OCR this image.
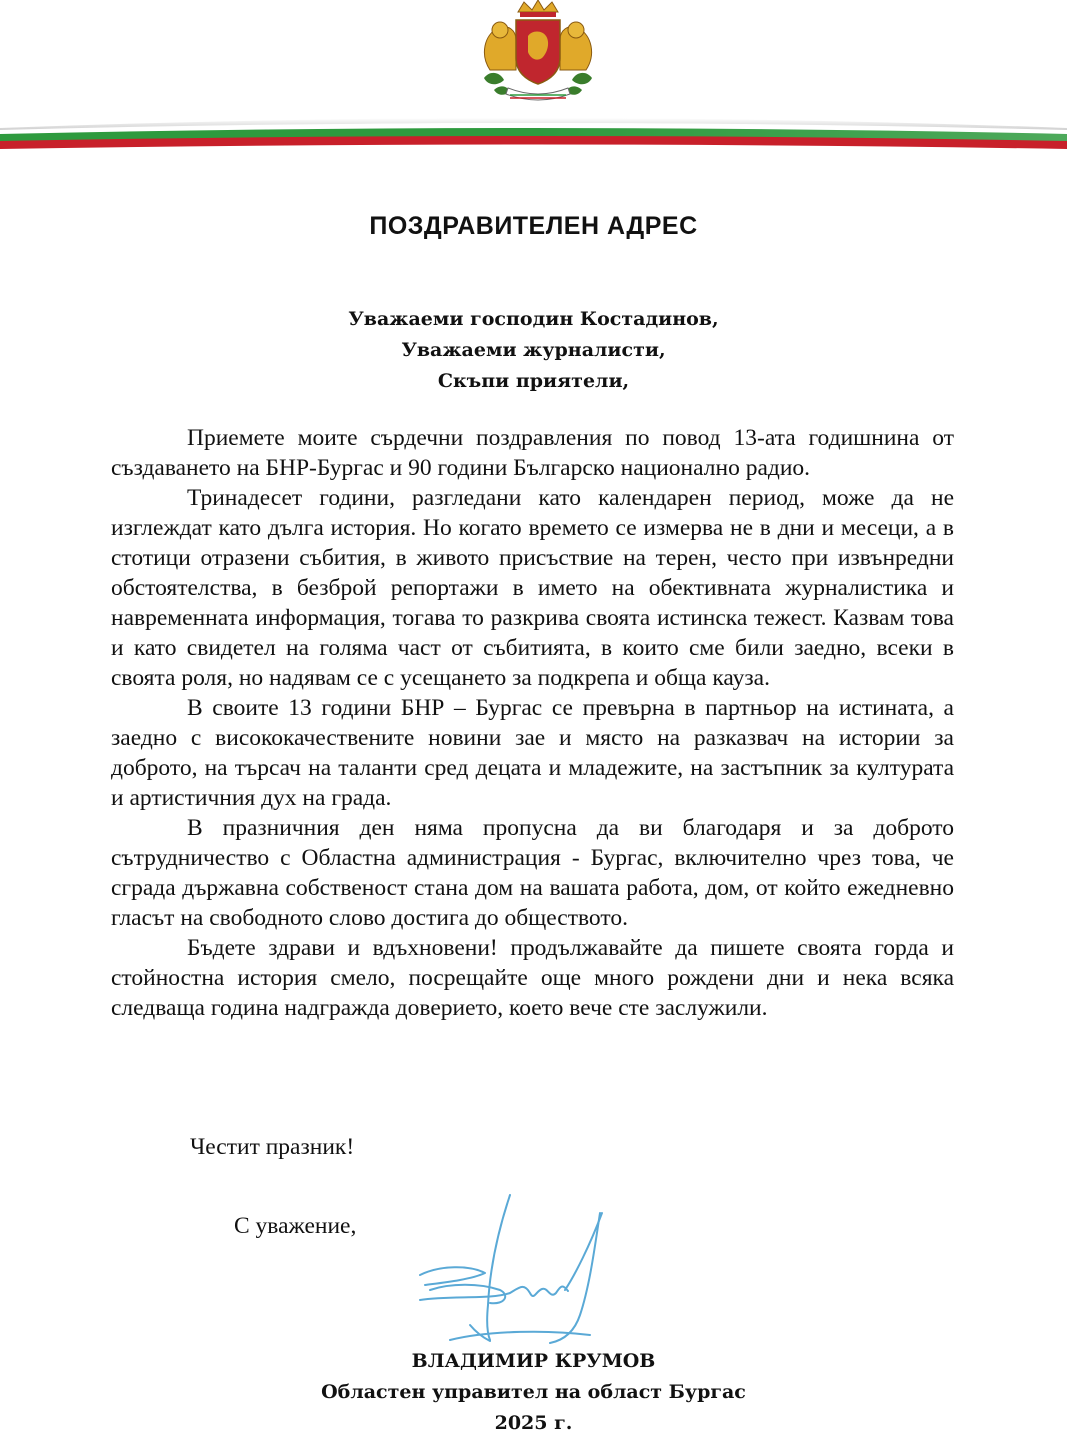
ПОЗДРАВИТЕЛЕН АДРЕС
Уважаеми господин Костадинов,
Уважаеми журналисти,
Скъпи приятели,

Приемете моите сърдечни поздравления по повод 13-ата годишнина от създаването на БНР-Бургас и 90 години Българско национално радио.

Тринадесет години, разгледани като календарен период, може да не изглеждат като дълга история. Но когато времето се измерва не в дни и месеци, а в стотици отразени събития, в живото присъствие на терен, често при извънредни обстоятелства, в безброй репортажи в името на обективната журналистика и навременната информация, тогава то разкрива своята истинска тежест. Казвам това и като свидетел на голяма част от събитията, в които сме били заедно, всеки в своята роля, но надявам се с усещането за подкрепа и обща кауза.

В своите 13 години БНР – Бургас се превърна в партньор на истината, а заедно с висококачествените новини зае и място на разказвач на истории за доброто, на търсач на таланти сред децата и младежите, на застъпник за културата и артистичния дух на града.

В празничния ден няма пропусна да ви благодаря и за доброто сътрудничество с Областна администрация - Бургас, включително чрез това, че сграда държавна собственост стана дом на вашата работа, дом, от който ежедневно гласът на свободното слово достига до обществото.

Бъдете здрави и вдъхновени! продължавайте да пишете своята горда и стойностна история смело, посрещайте още много рождени дни и нека всяка следваща година надгражда доверието, което вече сте заслужили.

Честит празник!

С уважение,

ВЛАДИМИР КРУМОВ
Областен управител на област Бургас
2025 г.
